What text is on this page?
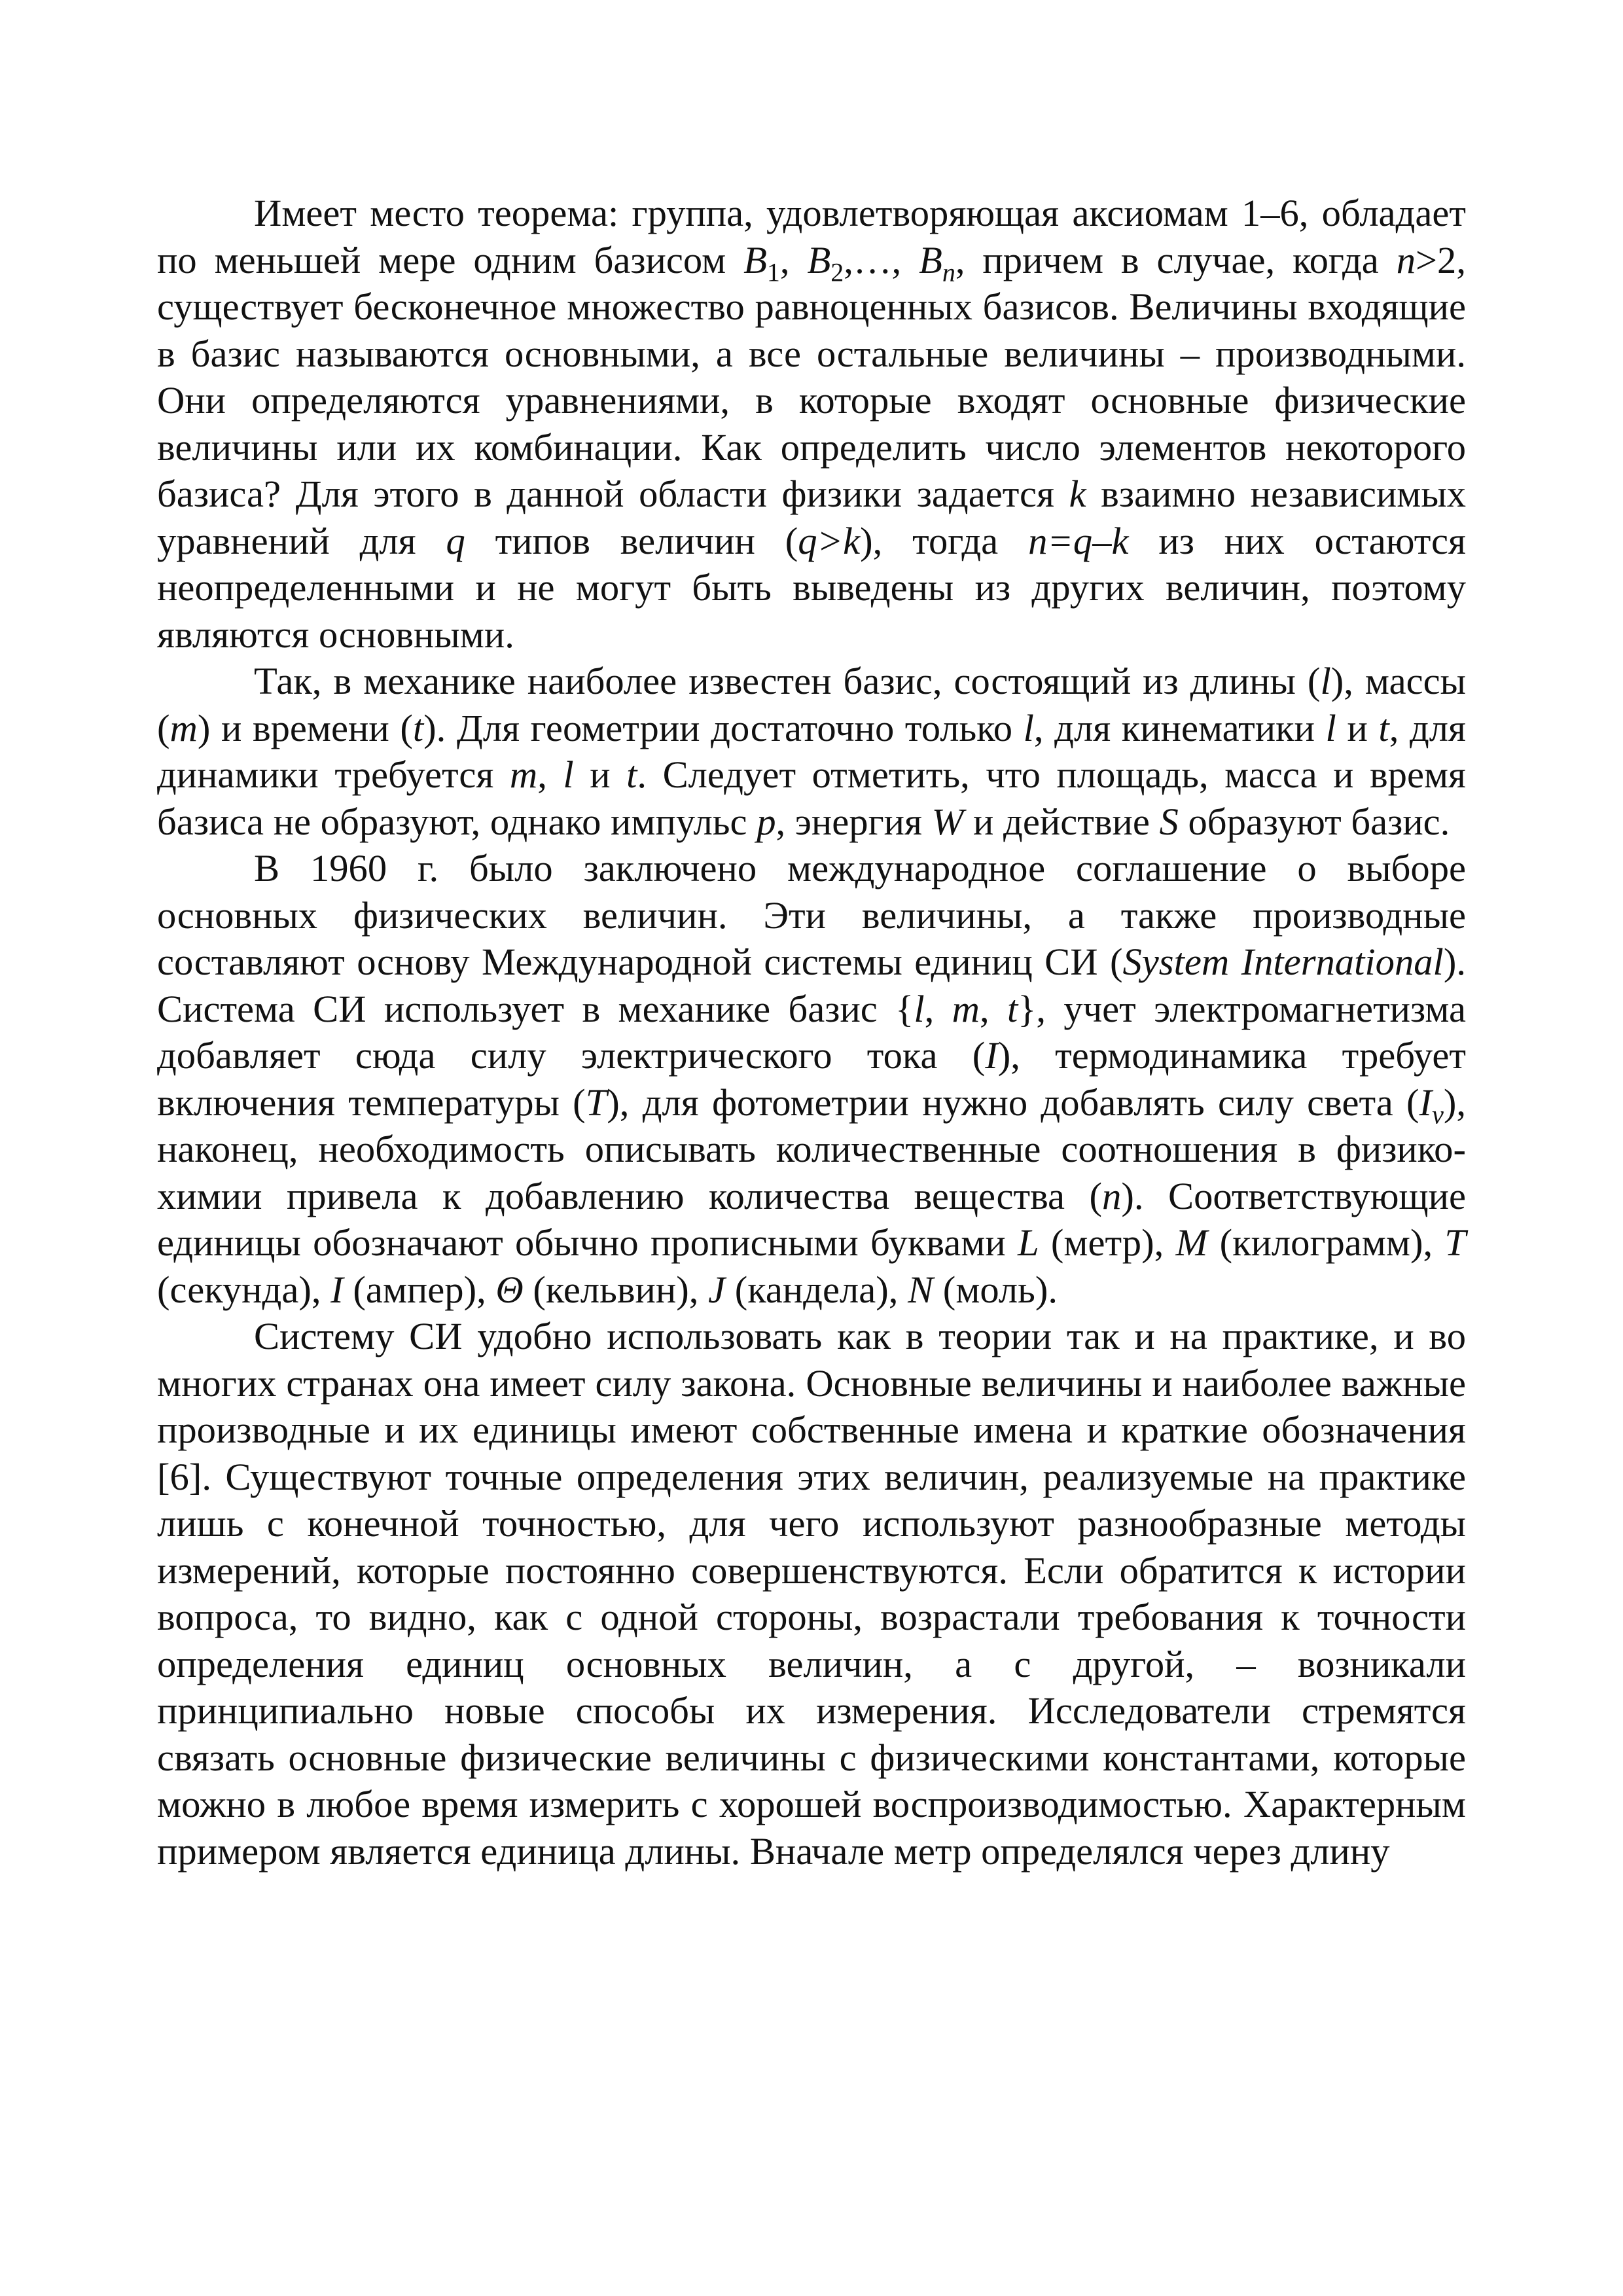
Имеет место теорема: группа, удовлетворяющая аксиомам 1–6, обладает по меньшей мере одним базисом $B_1$, $B_2,\dots$, $B_n$, причем в случае, когда n>2, существует бесконечное множество равноценных базисов. Величины входящие в базис называются основными, а все остальные величины – производными. Они определяются уравнениями, в которые входят основные физические величины или их комбинации. Как определить число элементов некоторого базиса? Для этого в данной области физики задается k взаимно независимых уравнений для q типов величин (q>k), тогда n=q–k из них остаются неопределенными и не могут быть выведены из других величин, поэтому являются основными.

Так, в механике наиболее известен базис, состоящий из длины (l), массы (m) и времени (t). Для геометрии достаточно только l, для кинематики l и t, для динамики требуется m, l и t. Следует отметить, что площадь, масса и время базиса не образуют, однако импульс p, энергия W и действие S образуют базис.

В 1960 г. было заключено международное соглашение о выборе основных физических величин. Эти величины, а также производные составляют основу Международной системы единиц СИ (System International). Система СИ использует в механике базис {l, m, t}, учет электромагнетизма добавляет сюда силу электрического тока (I), термодинамика требует включения температуры (T), для фотометрии нужно добавлять силу света $(I_v)$, наконец, необходимость описывать количественные соотношения в физико-химии привела к добавлению количества вещества (n). Соответствующие единицы обозначают обычно прописными буквами L (метр), M (килограмм), T (секунда), I (ампер), Θ (кельвин), J (кандела), N (моль).

Систему СИ удобно использовать как в теории так и на практике, и во многих странах она имеет силу закона. Основные величины и наиболее важные производные и их единицы имеют собственные имена и краткие обозначения [6]. Существуют точные определения этих величин, реализуемые на практике лишь с конечной точностью, для чего используют разнообразные методы измерений, которые постоянно совершенствуются. Если обратится к истории вопроса, то видно, как с одной стороны, возрастали требования к точности определения единиц основных величин, а с другой, – возникали принципиально новые способы их измерения. Исследователи стремятся связать основные физические величины с физическими константами, которые можно в любое время измерить с хорошей воспроизводимостью. Характерным примером является единица длины. Вначале метр определялся через длину
